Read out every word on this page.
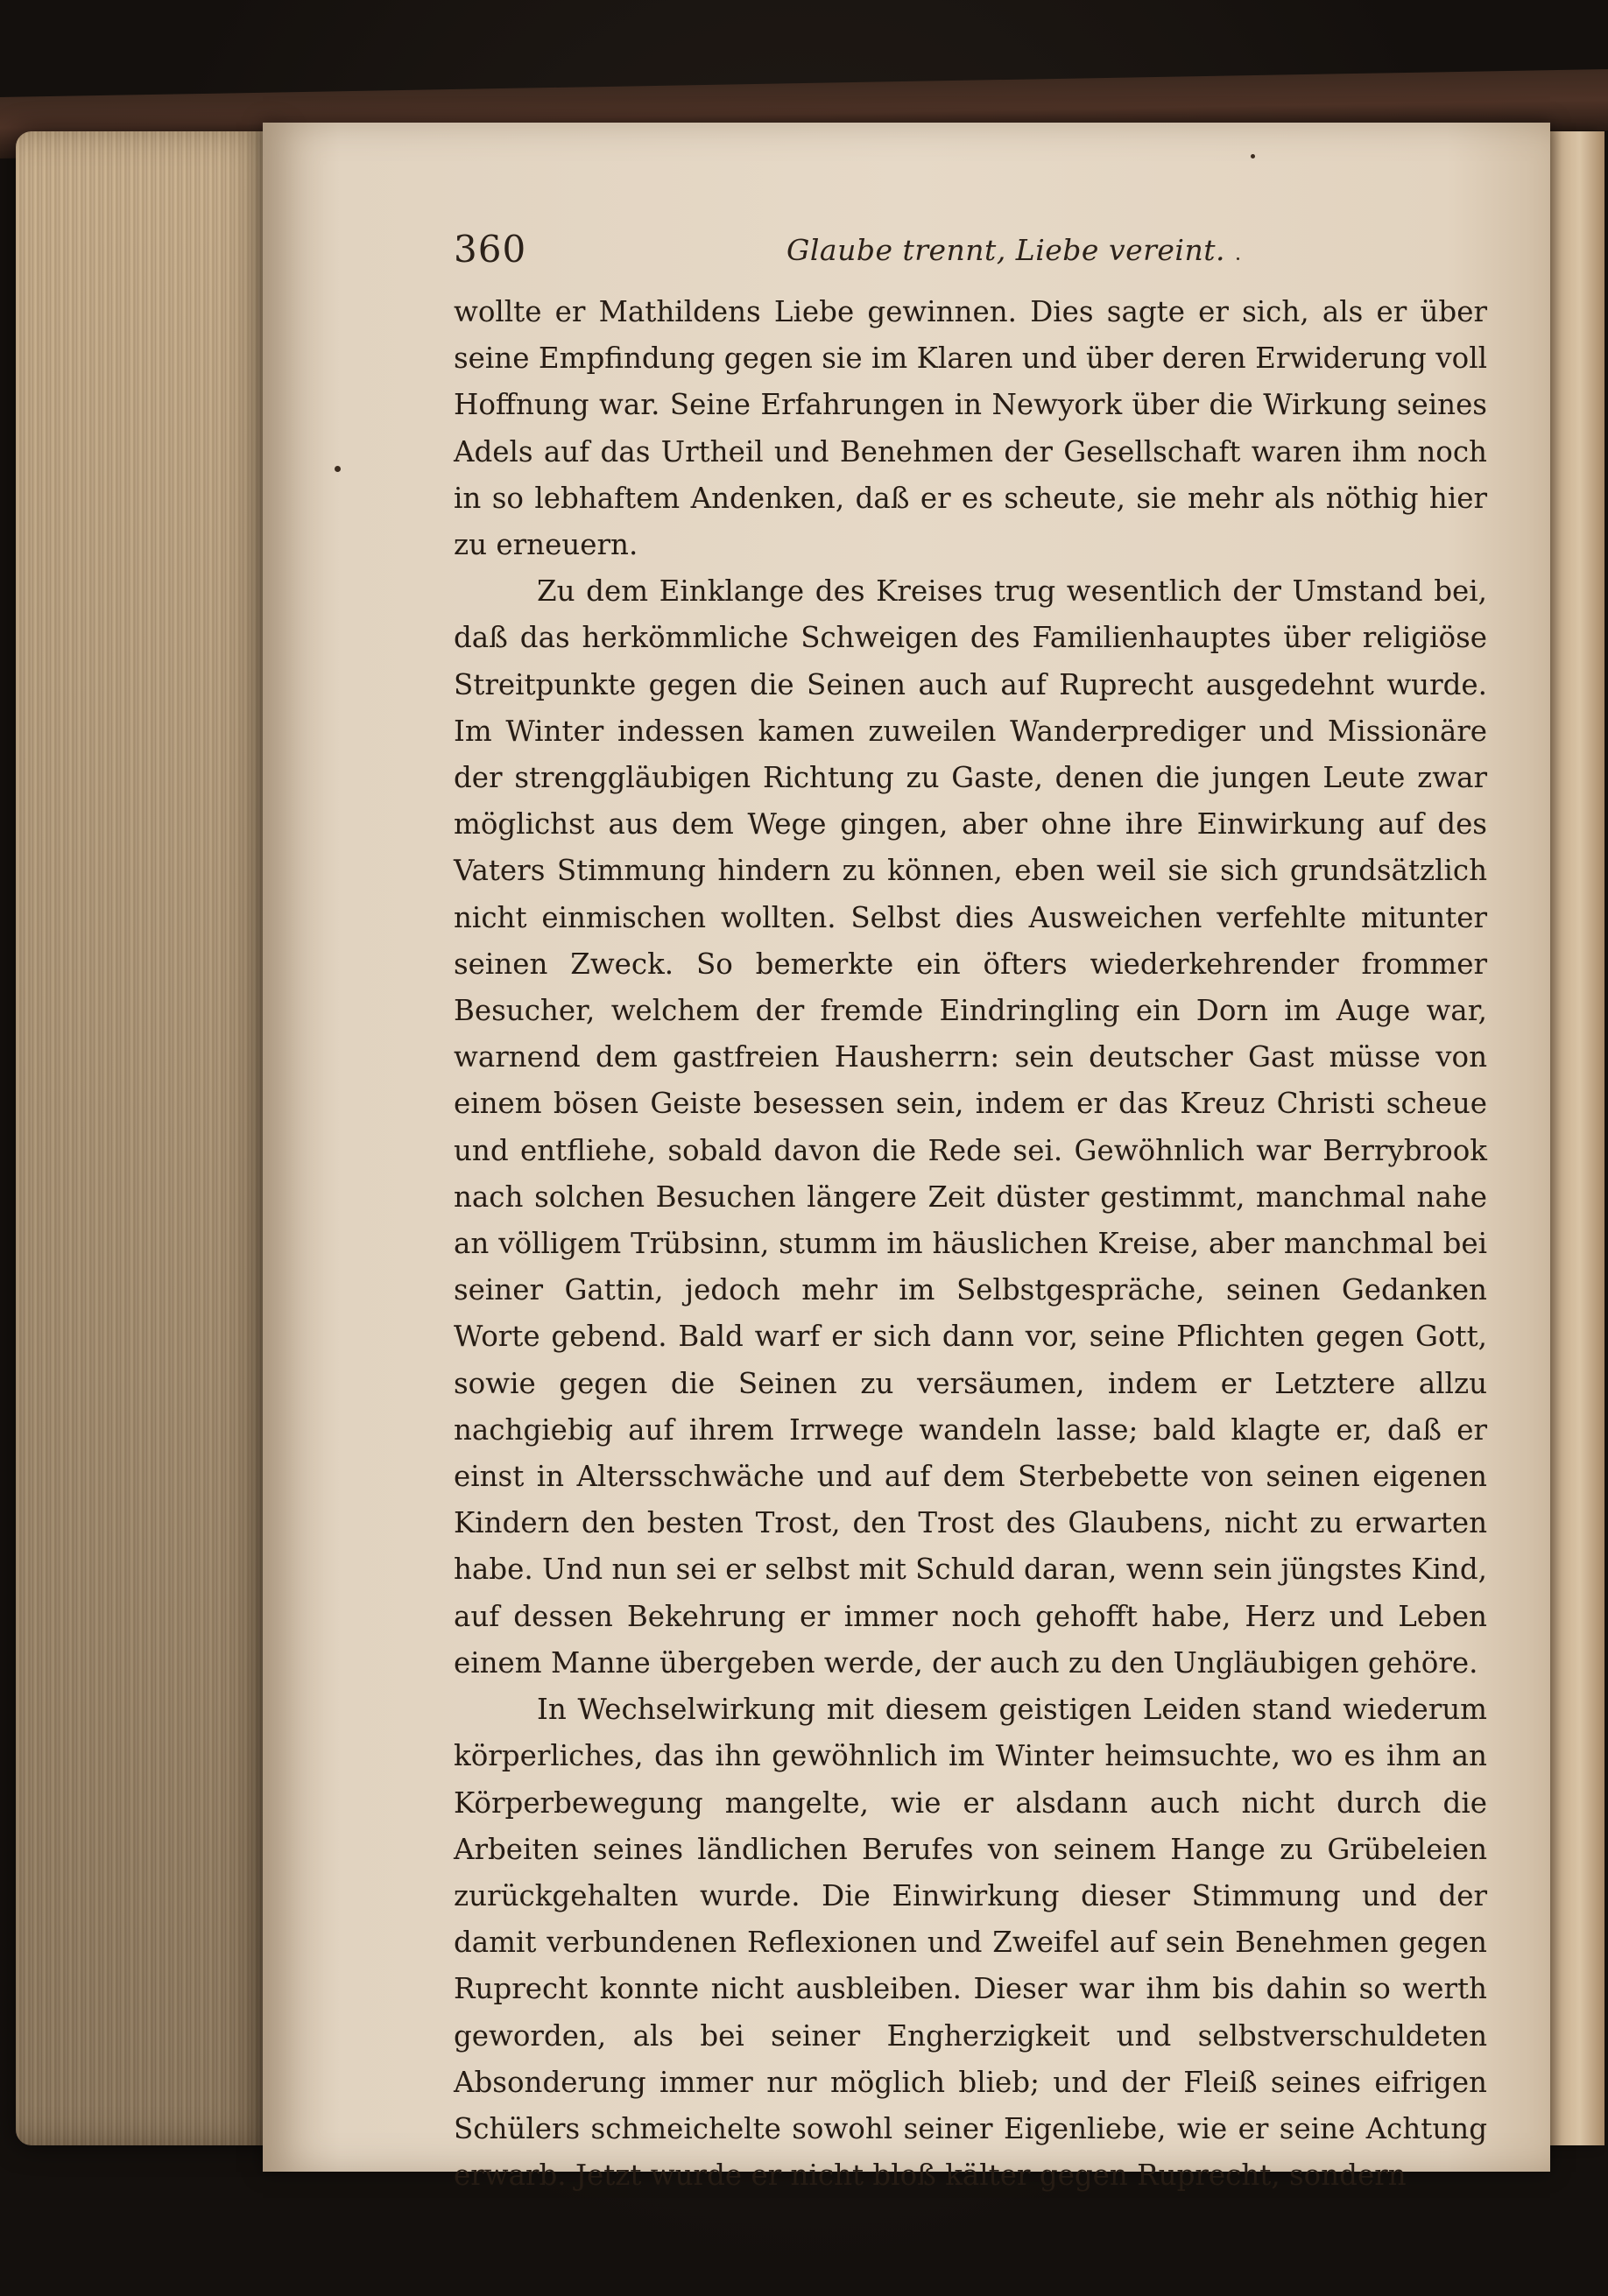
360	Glaube trennt, Liebe vereint.

wollte er Mathildens Liebe gewinnen. Dies sagte er sich, als er über seine Empfindung gegen sie im Klaren und über deren Erwiderung voll Hoffnung war. Seine Erfahrungen in Newyork über die Wirkung seines Adels auf das Urtheil und Benehmen der Gesellschaft waren ihm noch in so lebhaftem Andenken, daß er es scheute, sie mehr als nöthig hier zu erneuern.

Zu dem Einklange des Kreises trug wesentlich der Umstand bei, daß das herkömmliche Schweigen des Familienhauptes über religiöse Streitpunkte gegen die Seinen auch auf Ruprecht ausgedehnt wurde. Im Winter indessen kamen zuweilen Wanderprediger und Missionäre der strenggläubigen Richtung zu Gaste, denen die jungen Leute zwar möglichst aus dem Wege gingen, aber ohne ihre Einwirkung auf des Vaters Stimmung hindern zu können, eben weil sie sich grundsätzlich nicht einmischen wollten. Selbst dies Ausweichen verfehlte mitunter seinen Zweck. So bemerkte ein öfters wiederkehrender frommer Besucher, welchem der fremde Eindringling ein Dorn im Auge war, warnend dem gastfreien Hausherrn: sein deutscher Gast müsse von einem bösen Geiste besessen sein, indem er das Kreuz Christi scheue und entfliehe, sobald davon die Rede sei. Gewöhnlich war Berrybrook nach solchen Besuchen längere Zeit düster gestimmt, manchmal nahe an völligem Trübsinn, stumm im häuslichen Kreise, aber manchmal bei seiner Gattin, jedoch mehr im Selbstgespräche, seinen Gedanken Worte gebend. Bald warf er sich dann vor, seine Pflichten gegen Gott, sowie gegen die Seinen zu versäumen, indem er Letztere allzu nachgiebig auf ihrem Irrwege wandeln lasse; bald klagte er, daß er einst in Altersschwäche und auf dem Sterbebette von seinen eigenen Kindern den besten Trost, den Trost des Glaubens, nicht zu erwarten habe. Und nun sei er selbst mit Schuld daran, wenn sein jüngstes Kind, auf dessen Bekehrung er immer noch gehofft habe, Herz und Leben einem Manne übergeben werde, der auch zu den Ungläubigen gehöre.

In Wechselwirkung mit diesem geistigen Leiden stand wiederum körperliches, das ihn gewöhnlich im Winter heimsuchte, wo es ihm an Körperbewegung mangelte, wie er alsdann auch nicht durch die Arbeiten seines ländlichen Berufes von seinem Hange zu Grübeleien zurückgehalten wurde. Die Einwirkung dieser Stimmung und der damit verbundenen Reflexionen und Zweifel auf sein Benehmen gegen Ruprecht konnte nicht ausbleiben. Dieser war ihm bis dahin so werth geworden, als bei seiner Engherzigkeit und selbstverschuldeten Absonderung immer nur möglich blieb; und der Fleiß seines eifrigen Schülers schmeichelte sowohl seiner Eigenliebe, wie er seine Achtung erwarb. Jetzt wurde er nicht bloß kälter gegen Ruprecht, sondern
